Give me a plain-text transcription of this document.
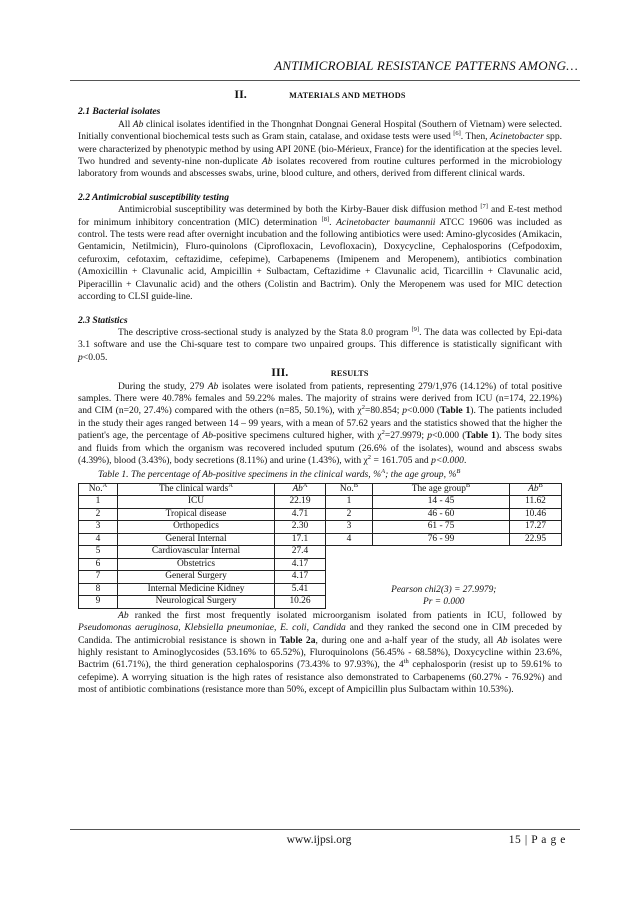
ANTIMICROBIAL RESISTANCE PATTERNS AMONG…
II.	MATERIALS AND METHODS

2.1 Bacterial isolates

All Ab clinical isolates identified in the Thongnhat Dongnai General Hospital (Southern of Vietnam) were selected. Initially conventional biochemical tests such as Gram stain, catalase, and oxidase tests were used [6]. Then, Acinetobacter spp. were characterized by phenotypic method by using API 20NE (bio-Mérieux, France) for the identification at the species level. Two hundred and seventy-nine non-duplicate Ab isolates recovered from routine cultures performed in the microbiology laboratory from wounds and abscesses swabs, urine, blood culture, and others, derived from different clinical wards.

2.2 Antimicrobial susceptibility testing

Antimicrobial susceptibility was determined by both the Kirby-Bauer disk diffusion method [7] and E-test method for minimum inhibitory concentration (MIC) determination [8]. Acinetobacter baumannii ATCC 19606 was included as control. The tests were read after overnight incubation and the following antibiotics were used: Amino-glycosides (Amikacin, Gentamicin, Netilmicin), Fluro-quinolons (Ciprofloxacin, Levofloxacin), Doxycycline, Cephalosporins (Cefpodoxim, cefuroxim, cefotaxim, ceftazidime, cefepime), Carbapenems (Imipenem and Meropenem), antibiotics combination (Amoxicillin + Clavunalic acid, Ampicillin + Sulbactam, Ceftazidime + Clavunalic acid, Ticarcillin + Clavunalic acid, Piperacillin + Clavunalic acid) and the others (Colistin and Bactrim). Only the Meropenem was used for MIC detection according to CLSI guide-line.

2.3 Statistics

The descriptive cross-sectional study is analyzed by the Stata 8.0 program [9]. The data was collected by Epi-data 3.1 software and use the Chi-square test to compare two unpaired groups. This difference is statistically significant with p<0.05.

III.	RESULTS

During the study, 279 Ab isolates were isolated from patients, representing 279/1,976 (14.12%) of total positive samples. There were 40.78% females and 59.22% males. The majority of strains were derived from ICU (n=174, 22.19%) and CIM (n=20, 27.4%) compared with the others (n=85, 50.1%), with $\chi^2=80.854$; p<0.000 (Table 1). The patients included in the study their ages ranged between 14 – 99 years, with a mean of 57.62 years and the statistics showed that the higher the patient's age, the percentage of Ab-positive specimens cultured higher, with $\chi^2=27.9979$; p<0.000 (Table 1). The body sites and fluids from which the organism was recovered included sputum (26.6% of the isolates), wound and abscess swabs (4.39%), blood (3.43%), body secretions (8.11%) and urine (1.43%), with $\chi^2 = 161.705$ and p<0.000.

Table 1. The percentage of Ab-positive specimens in the clinical wards, %$^A$; the age group, %$^B$

No.$^A$	The clinical wards$^A$	$Ab^A$	No.$^B$	The age group$^B$	$Ab^B$
1	ICU	22.19	1	14 - 45	11.62
2	Tropical disease	4.71	2	46 - 60	10.46
3	Orthopedics	2.30	3	61 - 75	17.27
4	General Internal	17.1	4	76 - 99	22.95
5	Cardiovascular Internal	27.4	Pearson chi2(3) = 27.9979;
Pr = 0.000		

6	Obstetrics	4.17			
7	General Surgery	4.17			
8	Internal Medicine Kidney	5.41			
9	Neurological Surgery	10.26			

Ab ranked the first most frequently isolated microorganism isolated from patients in ICU, followed by Pseudomonas aeruginosa, Klebsiella pneumoniae, E. coli, Candida and they ranked the second one in CIM preceded by Candida. The antimicrobial resistance is shown in Table 2a, during one and a-half year of the study, all Ab isolates were highly resistant to Aminoglycosides (53.16% to 65.52%), Fluroquinolons (56.45% - 68.58%), Doxycycline within 23.6%, Bactrim (61.71%), the third generation cephalosporins (73.43% to 97.93%), the 4th cephalosporin (resist up to 59.61% to cefepime). A worrying situation is the high rates of resistance also demonstrated to Carbapenems (60.27% - 76.92%) and most of antibiotic combinations (resistance more than 50%, except of Ampicillin plus Sulbactam within 10.53%).

www.ijpsi.org	15 | P a g e
